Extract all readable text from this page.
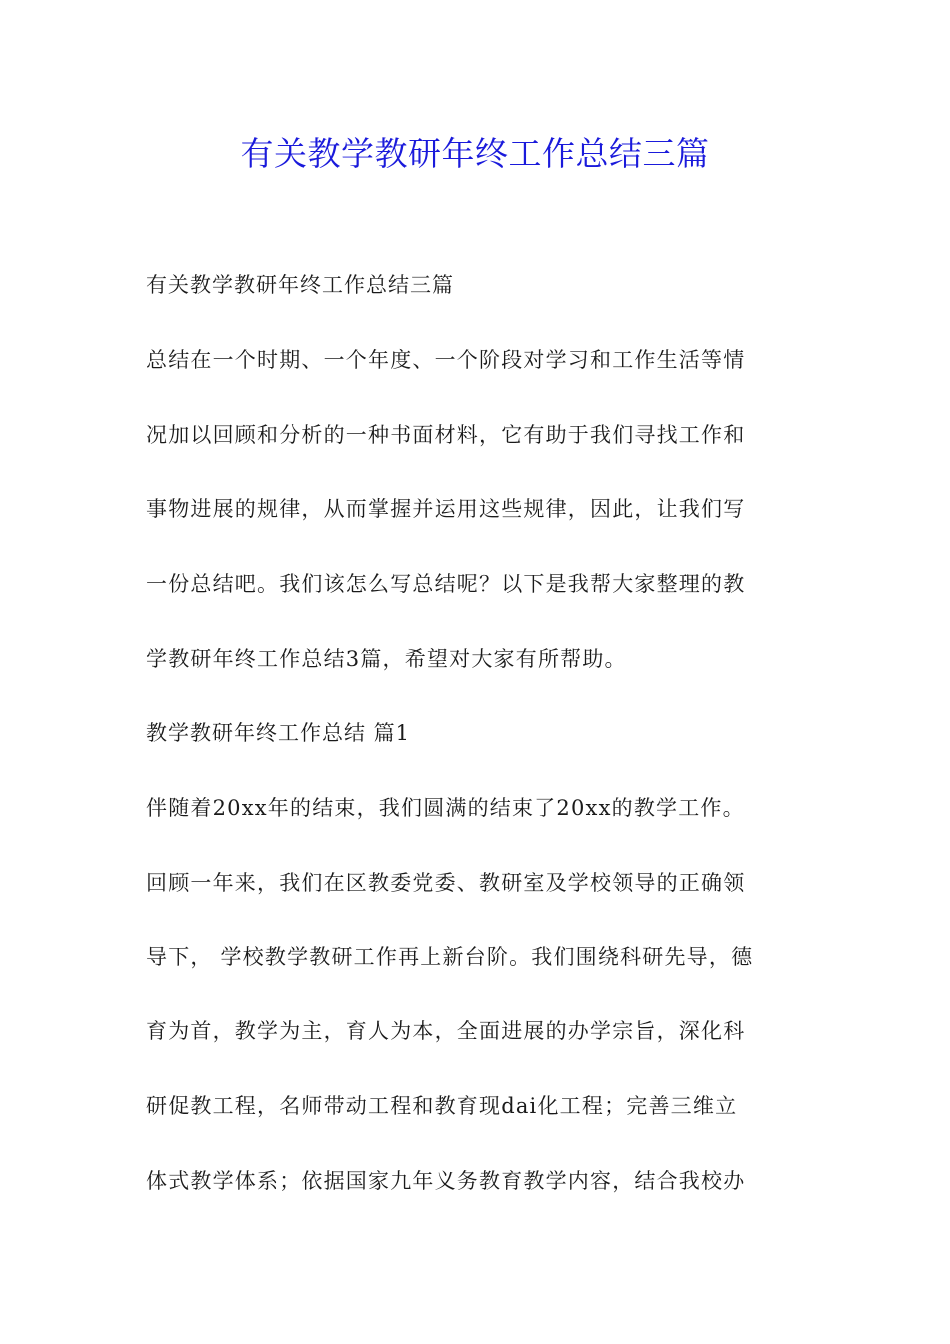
有关教学教研年终工作总结三篇

有关教学教研年终工作总结三篇

总结在一个时期、一个年度、一个阶段对学习和工作生活等情

况加以回顾和分析的一种书面材料，它有助于我们寻找工作和

事物进展的规律，从而掌握并运用这些规律，因此，让我们写

一份总结吧。我们该怎么写总结呢？以下是我帮大家整理的教

学教研年终工作总结3篇，希望对大家有所帮助。

教学教研年终工作总结 篇1

伴随着20xx年的结束，我们圆满的结束了20xx的教学工作。

回顾一年来，我们在区教委党委、教研室及学校领导的正确领

导下， 学校教学教研工作再上新台阶。我们围绕科研先导，德

育为首，教学为主，育人为本，全面进展的办学宗旨，深化科

研促教工程，名师带动工程和教育现dai化工程；完善三维立

体式教学体系；依据国家九年义务教育教学内容，结合我校办
